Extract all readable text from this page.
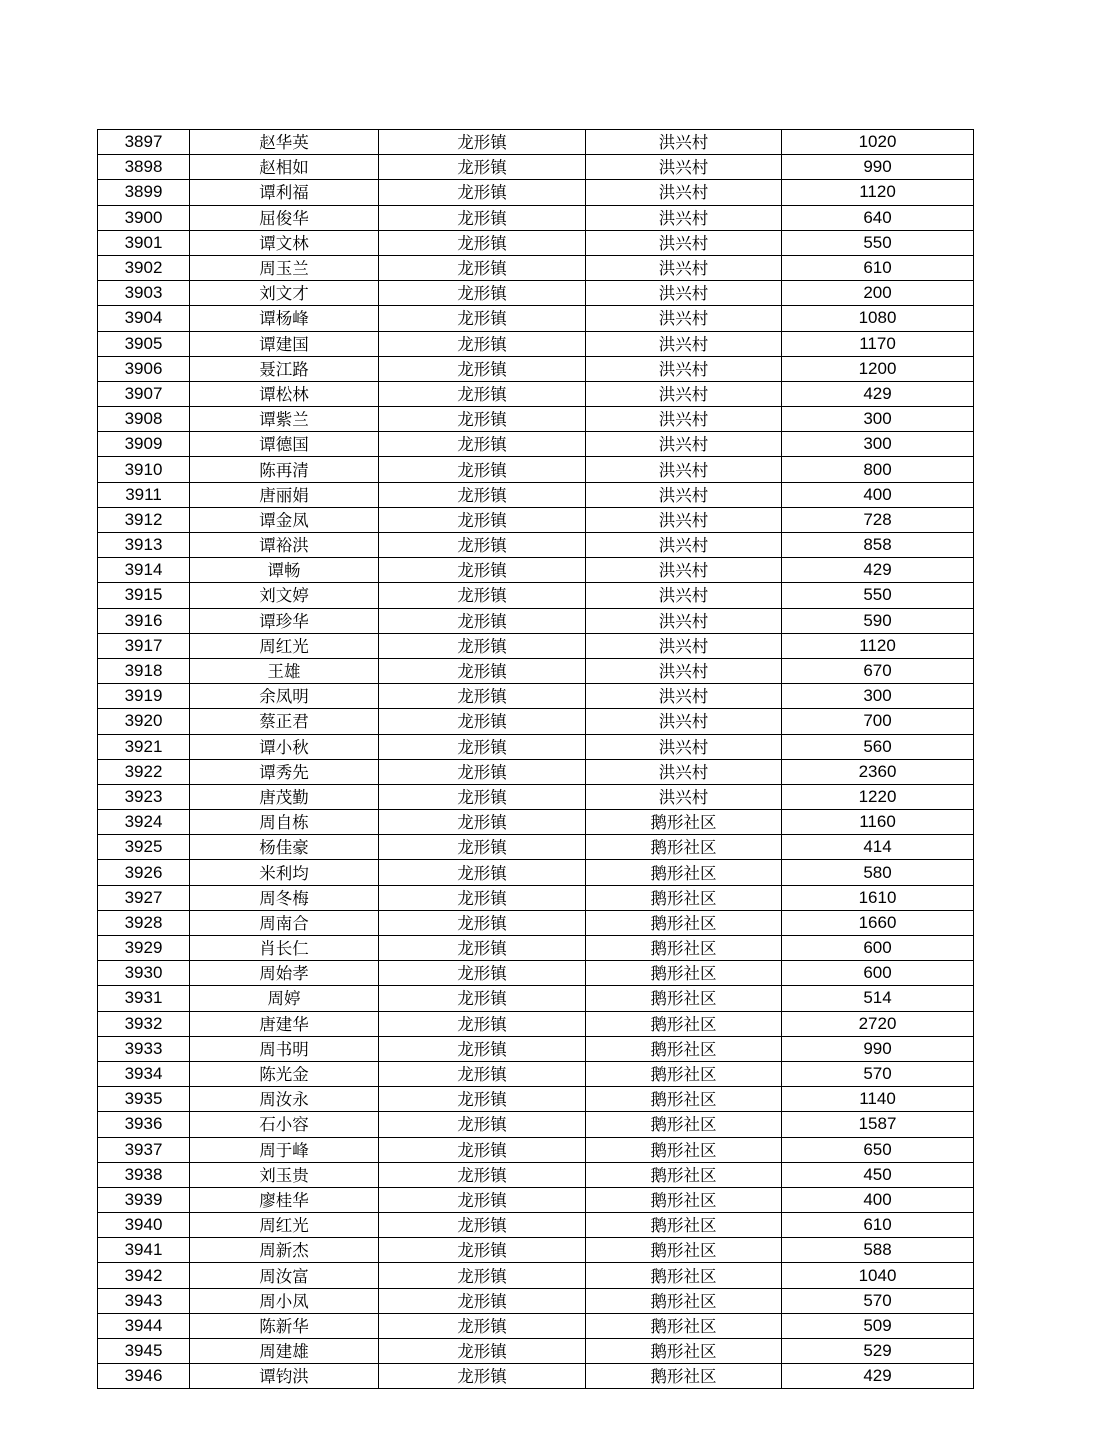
3897	赵华英	龙形镇	洪兴村	1020
3898	赵相如	龙形镇	洪兴村	990
3899	谭利福	龙形镇	洪兴村	1120
3900	屈俊华	龙形镇	洪兴村	640
3901	谭文林	龙形镇	洪兴村	550
3902	周玉兰	龙形镇	洪兴村	610
3903	刘文才	龙形镇	洪兴村	200
3904	谭杨峰	龙形镇	洪兴村	1080
3905	谭建国	龙形镇	洪兴村	1170
3906	聂江路	龙形镇	洪兴村	1200
3907	谭松林	龙形镇	洪兴村	429
3908	谭紫兰	龙形镇	洪兴村	300
3909	谭德国	龙形镇	洪兴村	300
3910	陈再清	龙形镇	洪兴村	800
3911	唐丽娟	龙形镇	洪兴村	400
3912	谭金凤	龙形镇	洪兴村	728
3913	谭裕洪	龙形镇	洪兴村	858
3914	谭畅	龙形镇	洪兴村	429
3915	刘文婷	龙形镇	洪兴村	550
3916	谭珍华	龙形镇	洪兴村	590
3917	周红光	龙形镇	洪兴村	1120
3918	王雄	龙形镇	洪兴村	670
3919	余凤明	龙形镇	洪兴村	300
3920	蔡正君	龙形镇	洪兴村	700
3921	谭小秋	龙形镇	洪兴村	560
3922	谭秀先	龙形镇	洪兴村	2360
3923	唐茂勤	龙形镇	洪兴村	1220
3924	周自栋	龙形镇	鹅形社区	1160
3925	杨佳豪	龙形镇	鹅形社区	414
3926	米利均	龙形镇	鹅形社区	580
3927	周冬梅	龙形镇	鹅形社区	1610
3928	周南合	龙形镇	鹅形社区	1660
3929	肖长仁	龙形镇	鹅形社区	600
3930	周始孝	龙形镇	鹅形社区	600
3931	周婷	龙形镇	鹅形社区	514
3932	唐建华	龙形镇	鹅形社区	2720
3933	周书明	龙形镇	鹅形社区	990
3934	陈光金	龙形镇	鹅形社区	570
3935	周汝永	龙形镇	鹅形社区	1140
3936	石小容	龙形镇	鹅形社区	1587
3937	周于峰	龙形镇	鹅形社区	650
3938	刘玉贵	龙形镇	鹅形社区	450
3939	廖桂华	龙形镇	鹅形社区	400
3940	周红光	龙形镇	鹅形社区	610
3941	周新杰	龙形镇	鹅形社区	588
3942	周汝富	龙形镇	鹅形社区	1040
3943	周小凤	龙形镇	鹅形社区	570
3944	陈新华	龙形镇	鹅形社区	509
3945	周建雄	龙形镇	鹅形社区	529
3946	谭钧洪	龙形镇	鹅形社区	429
